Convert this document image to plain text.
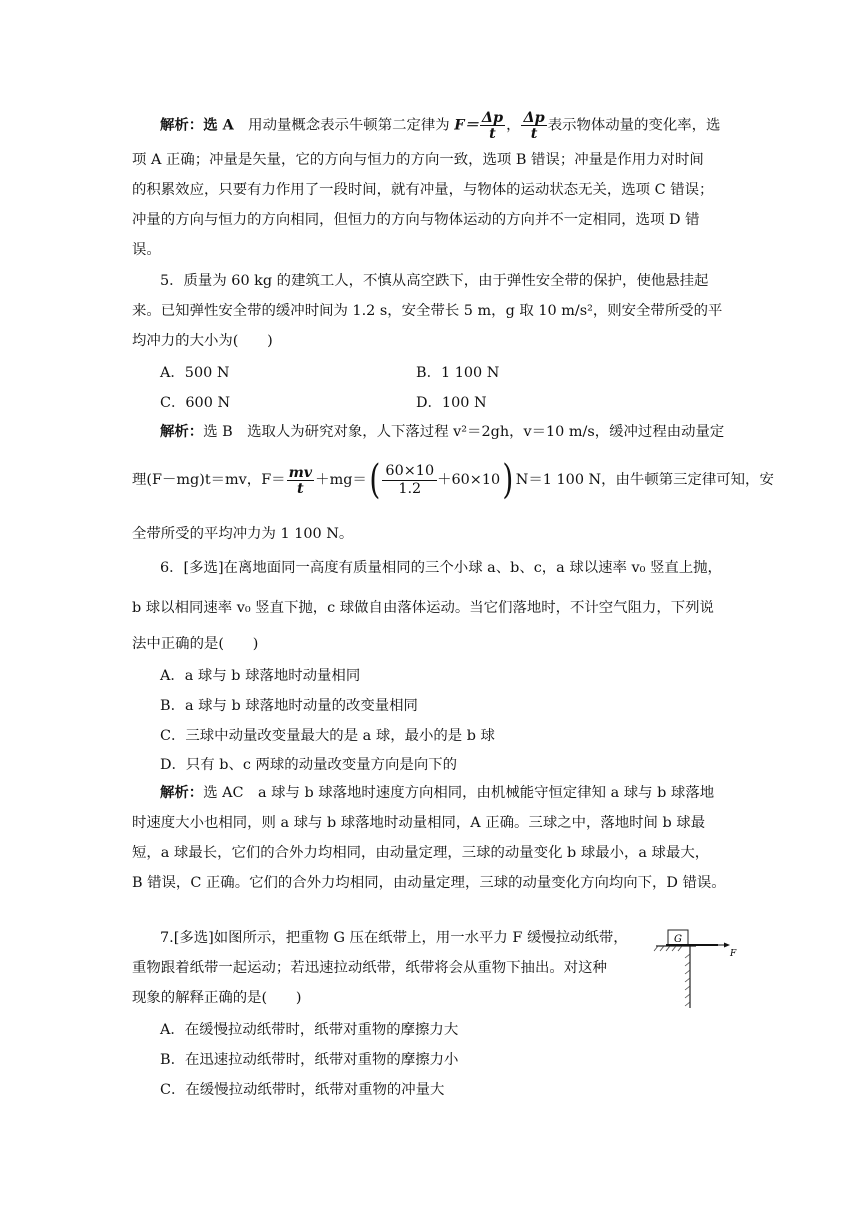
解析：选 A　 用动量概念表示牛顿第二定律为 $F= \frac{\Delta p}{t}$ ， $\frac{\Delta p}{t}$ 表示物体动量的变化率，选
项 A 正确；冲量是矢量，它的方向与恒力的方向一致，选项 B 错误；冲量是作用力对时间
的积累效应，只要有力作用了一段时间，就有冲量，与物体的运动状态无关，选项 C 错误；
冲量的方向与恒力的方向相同，但恒力的方向与物体运动的方向并不一定相同，选项 D 错
误。
5．质量为 60 kg 的建筑工人，不慎从高空跌下，由于弹性安全带的保护，使他悬挂起
来。已知弹性安全带的缓冲时间为 1.2 s，安全带长 5 m，g 取 10 m/s²，则安全带所受的平
均冲力的大小为(　　)
A．500 N	B．1 100 N
C．600 N	D．100 N
解析：选 B　选取人为研究对象，人下落过程 v²＝2gh，v＝10 m/s，缓冲过程由动量定
理(F－mg)t＝mv，$F= \frac{mv}{t} +mg=( \frac{60\times 10}{1.2} +60\times 10)$ N＝1 100 N，由牛顿第三定律可知，安
全带所受的平均冲力为 1 100 N。
6．[多选]在离地面同一高度有质量相同的三个小球 a、b、c，a 球以速率 v₀ 竖直上抛，
b 球以相同速率 v₀ 竖直下抛，c 球做自由落体运动。当它们落地时，不计空气阻力，下列说
法中正确的是(　　)
A．a 球与 b 球落地时动量相同
B．a 球与 b 球落地时动量的改变量相同
C．三球中动量改变量最大的是 a 球，最小的是 b 球
D．只有 b、c 两球的动量改变量方向是向下的
解析：选 AC　a 球与 b 球落地时速度方向相同，由机械能守恒定律知 a 球与 b 球落地
时速度大小也相同，则 a 球与 b 球落地时动量相同，A 正确。三球之中，落地时间 b 球最
短，a 球最长，它们的合外力均相同，由动量定理，三球的动量变化 b 球最小，a 球最大，
B 错误，C 正确。它们的合外力均相同，由动量定理，三球的动量变化方向均向下，D 错误。
7.[多选]如图所示，把重物 G 压在纸带上，用一水平力 F 缓慢拉动纸带，
重物跟着纸带一起运动；若迅速拉动纸带，纸带将会从重物下抽出。对这种
现象的解释正确的是(　　)
A．在缓慢拉动纸带时，纸带对重物的摩擦力大
B．在迅速拉动纸带时，纸带对重物的摩擦力小
C．在缓慢拉动纸带时，纸带对重物的冲量大
G
F
